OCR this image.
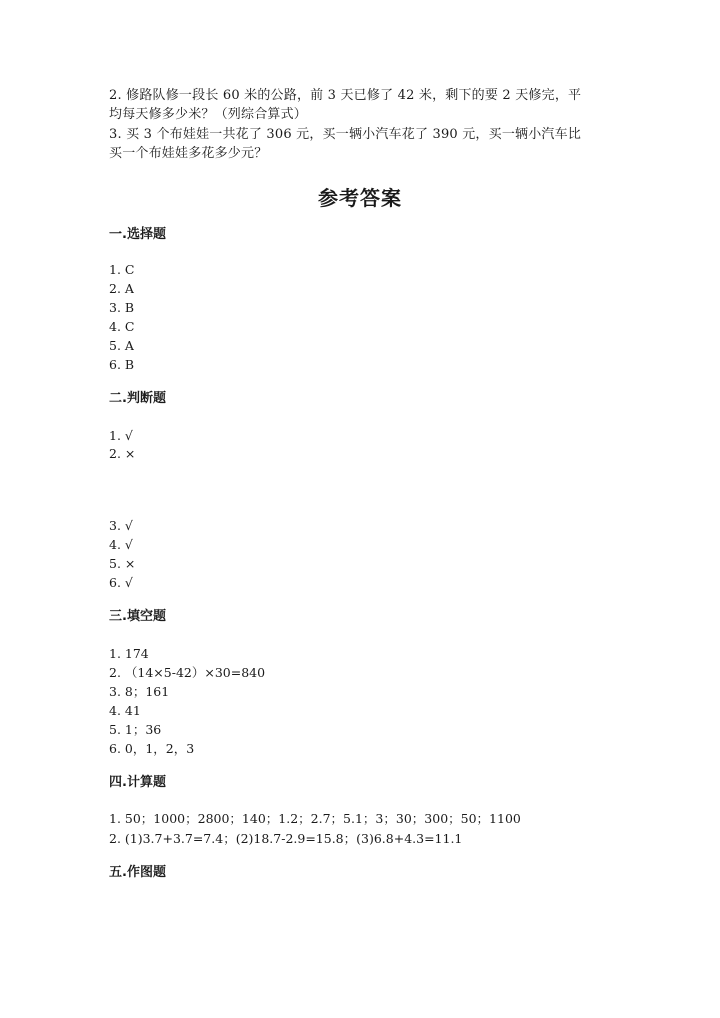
2. 修路队修一段长 60 米的公路，前 3 天已修了 42 米，剩下的要 2 天修完，平
均每天修多少米？（列综合算式）
3. 买 3 个布娃娃一共花了 306 元，买一辆小汽车花了 390 元，买一辆小汽车比
买一个布娃娃多花多少元？
参考答案
一.选择题
1. C
2. A
3. B
4. C
5. A
6. B
二.判断题
1. √
2. ×
3. √
4. √
5. ×
6. √
三.填空题
1. 174
2. （14×5-42）×30=840
3. 8；161
4. 41
5. 1；36
6. 0，1，2，3
四.计算题
1. 50；1000；2800；140；1.2；2.7；5.1；3；30；300；50；1100
2. (1)3.7+3.7=7.4；(2)18.7-2.9=15.8；(3)6.8+4.3=11.1
五.作图题
